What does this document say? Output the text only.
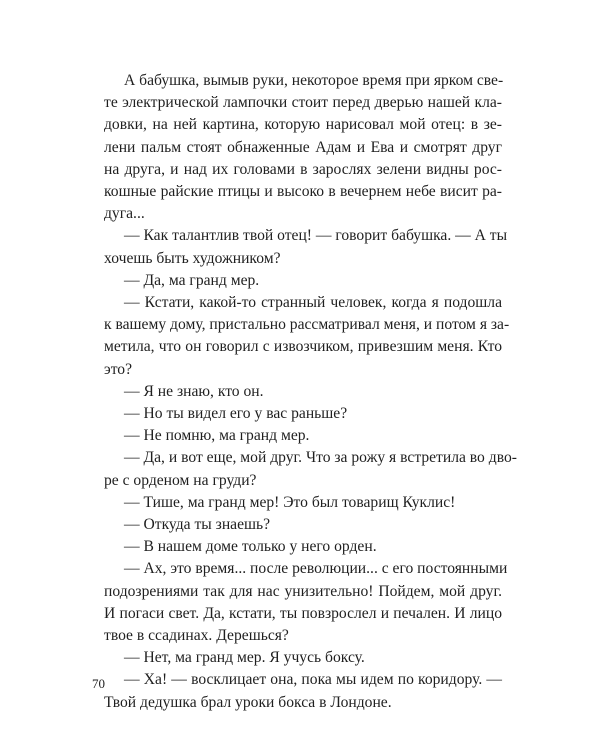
А бабушка, вымыв руки, некоторое время при ярком све-
те электрической лампочки стоит перед дверью нашей кла-
довки, на ней картина, которую нарисовал мой отец: в зе-
лени пальм стоят обнаженные Адам и Ева и смотрят друг
на друга, и над их головами в зарослях зелени видны рос-
кошные райские птицы и высоко в вечернем небе висит ра-
дуга...
— Как талантлив твой отец! — говорит бабушка. — А ты
хочешь быть художником?
— Да, ма гранд мер.
— Кстати, какой-то странный человек, когда я подошла
к вашему дому, пристально рассматривал меня, и потом я за-
метила, что он говорил с извозчиком, привезшим меня. Кто
это?
— Я не знаю, кто он.
— Но ты видел его у вас раньше?
— Не помню, ма гранд мер.
— Да, и вот еще, мой друг. Что за рожу я встретила во дво-
ре с орденом на груди?
— Тише, ма гранд мер! Это был товарищ Куклис!
— Откуда ты знаешь?
— В нашем доме только у него орден.
— Ах, это время... после революции... с его постоянными
подозрениями так для нас унизительно! Пойдем, мой друг.
И погаси свет. Да, кстати, ты повзрослел и печален. И лицо
твое в ссадинах. Дерешься?
— Нет, ма гранд мер. Я учусь боксу.
— Ха! — восклицает она, пока мы идем по коридору. —
Твой дедушка брал уроки бокса в Лондоне.
70
